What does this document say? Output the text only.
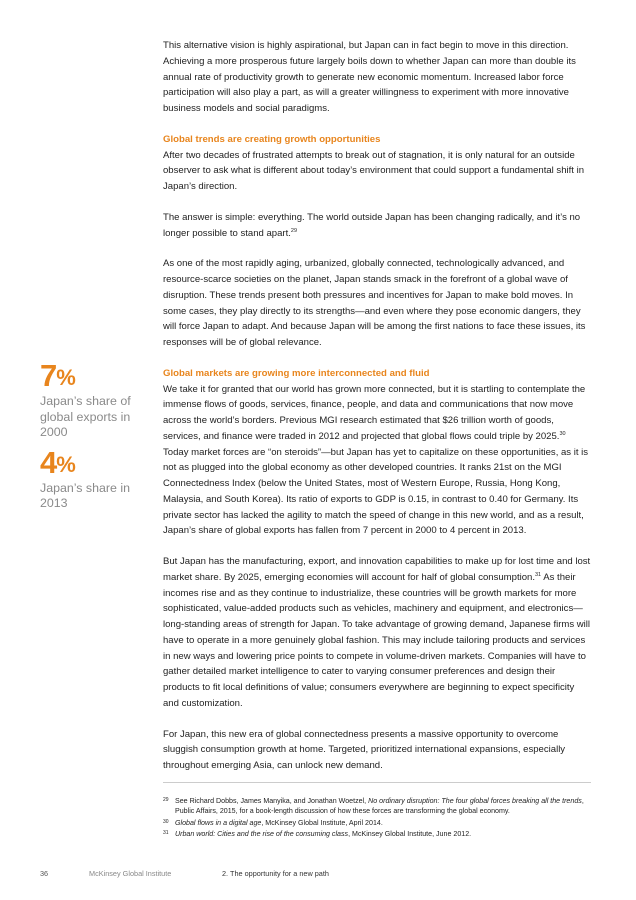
This alternative vision is highly aspirational, but Japan can in fact begin to move in this direction. Achieving a more prosperous future largely boils down to whether Japan can more than double its annual rate of productivity growth to generate new economic momentum. Increased labor force participation will also play a part, as will a greater willingness to experiment with more innovative business models and social paradigms.

Global trends are creating growth opportunities

After two decades of frustrated attempts to break out of stagnation, it is only natural for an outside observer to ask what is different about today’s environment that could support a fundamental shift in Japan’s direction.

The answer is simple: everything. The world outside Japan has been changing radically, and it’s no longer possible to stand apart.$^{29}$

As one of the most rapidly aging, urbanized, globally connected, technologically advanced, and resource-scarce societies on the planet, Japan stands smack in the forefront of a global wave of disruption. These trends present both pressures and incentives for Japan to make bold moves. In some cases, they play directly to its strengths—and even where they pose economic dangers, they will force Japan to adapt. And because Japan will be among the first nations to face these issues, its responses will be of global relevance.

Global markets are growing more interconnected and fluid

We take it for granted that our world has grown more connected, but it is startling to contemplate the immense flows of goods, services, finance, people, and data and communications that now move across the world’s borders. Previous MGI research estimated that $26 trillion worth of goods, services, and finance were traded in 2012 and projected that global flows could triple by 2025.30 Today market forces are “on steroids”—but Japan has yet to capitalize on these opportunities, as it is not as plugged into the global economy as other developed countries. It ranks 21st on the MGI Connectedness Index (below the United States, most of Western Europe, Russia, Hong Kong, Malaysia, and South Korea). Its ratio of exports to GDP is 0.15, in contrast to 0.40 for Germany. Its private sector has lacked the agility to match the speed of change in this new world, and as a result, Japan’s share of global exports has fallen from 7 percent in 2000 to 4 percent in 2013.

But Japan has the manufacturing, export, and innovation capabilities to make up for lost time and lost market share. By 2025, emerging economies will account for half of global consumption.$^{31}$ As their incomes rise and as they continue to industrialize, these countries will be growth markets for more sophisticated, value-added products such as vehicles, machinery and equipment, and electronics—long-standing areas of strength for Japan. To take advantage of growing demand, Japanese firms will have to operate in a more genuinely global fashion. This may include tailoring products and services in new ways and lowering price points to compete in volume-driven markets. Companies will have to gather detailed market intelligence to cater to varying consumer preferences and design their products to fit local definitions of value; consumers everywhere are beginning to expect specificity and customization.

For Japan, this new era of global connectedness presents a massive opportunity to overcome sluggish consumption growth at home. Targeted, prioritized international expansions, especially throughout emerging Asia, can unlock new demand.

7%
Japan’s share of global exports in 2000
4%
Japan’s share in 2013
29 See Richard Dobbs, James Manyika, and Jonathan Woetzel, No ordinary disruption: The four global forces breaking all the trends, Public Affairs, 2015, for a book-length discussion of how these forces are transforming the global economy.
30 Global flows in a digital age, McKinsey Global Institute, April 2014.
31 Urban world: Cities and the rise of the consuming class, McKinsey Global Institute, June 2012.
36	McKinsey Global Institute	2. The opportunity for a new path
